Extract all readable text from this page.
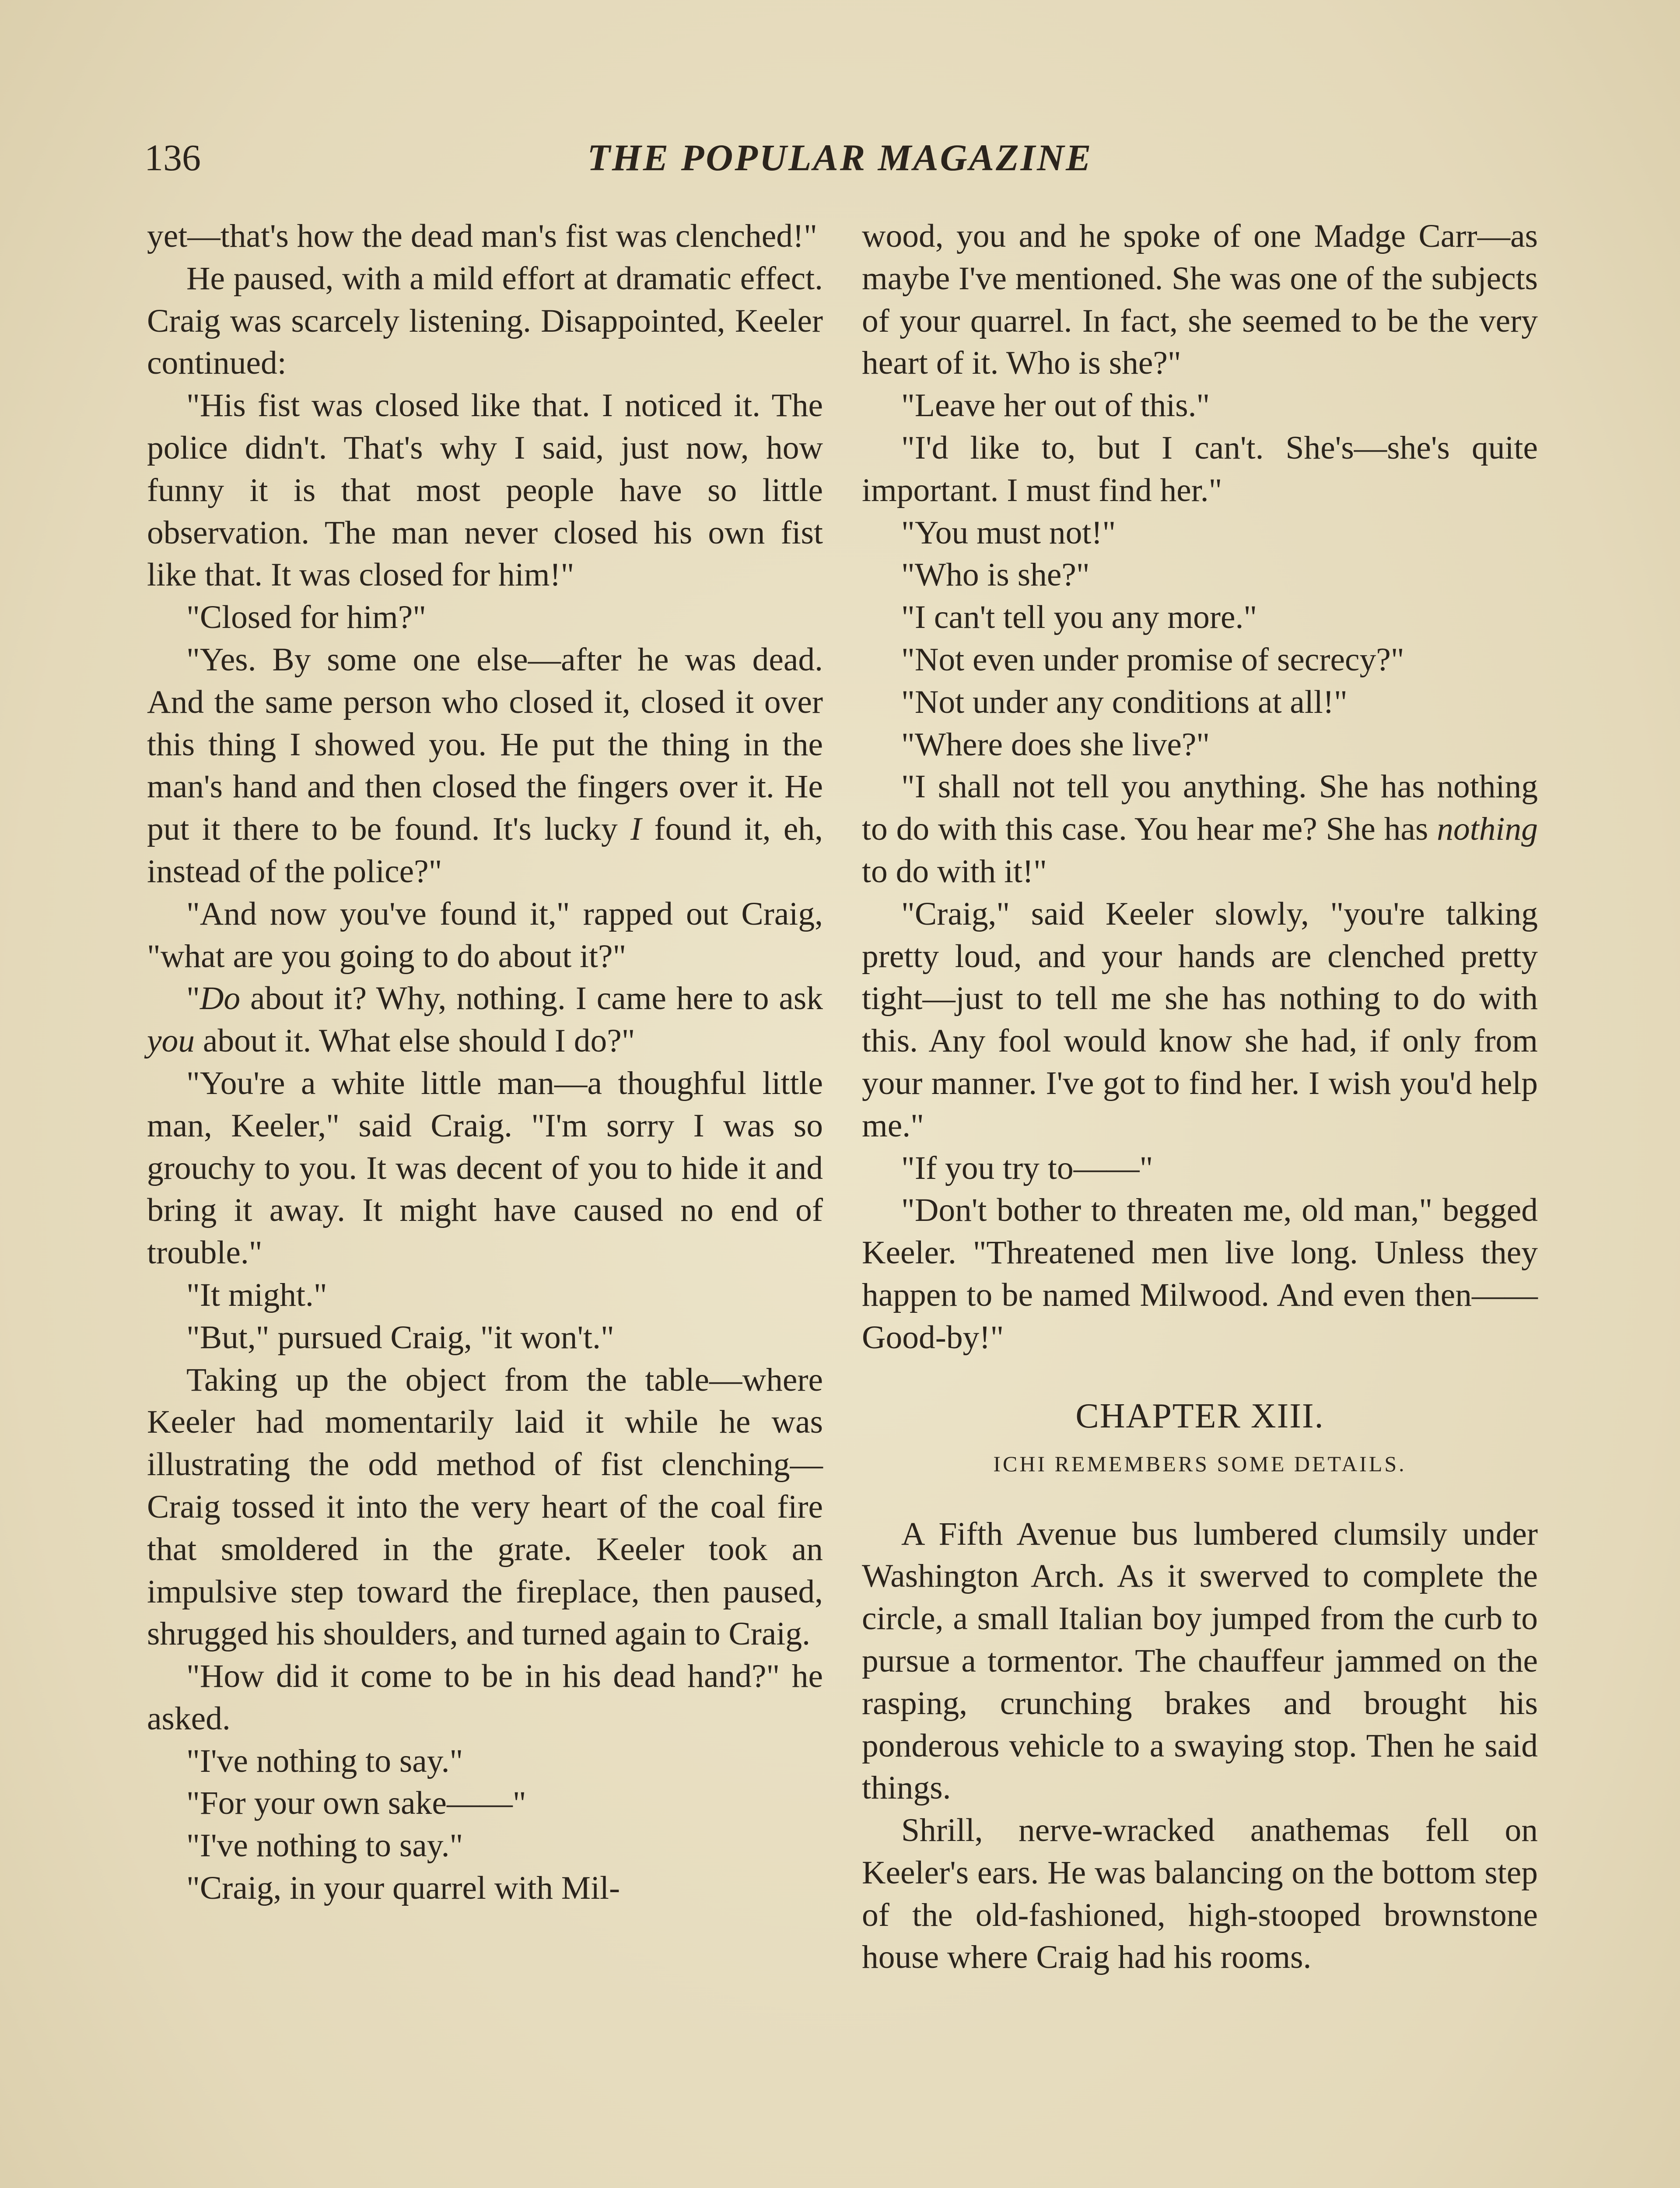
136	THE POPULAR MAGAZINE

yet—that's how the dead man's fist was clenched!"

He paused, with a mild effort at dramatic effect. Craig was scarcely listening. Disappointed, Keeler continued:

"His fist was closed like that. I noticed it. The police didn't. That's why I said, just now, how funny it is that most people have so little observation. The man never closed his own fist like that. It was closed for him!"

"Closed for him?"

"Yes. By some one else—after he was dead. And the same person who closed it, closed it over this thing I showed you. He put the thing in the man's hand and then closed the fingers over it. He put it there to be found. It's lucky I found it, eh, instead of the police?"

"And now you've found it," rapped out Craig, "what are you going to do about it?"

"Do about it? Why, nothing. I came here to ask you about it. What else should I do?"

"You're a white little man—a thoughful little man, Keeler," said Craig. "I'm sorry I was so grouchy to you. It was decent of you to hide it and bring it away. It might have caused no end of trouble."

"It might."

"But," pursued Craig, "it won't."

Taking up the object from the table—where Keeler had momentarily laid it while he was illustrating the odd method of fist clenching—Craig tossed it into the very heart of the coal fire that smoldered in the grate. Keeler took an impulsive step toward the fireplace, then paused, shrugged his shoulders, and turned again to Craig.

"How did it come to be in his dead hand?" he asked.

"I've nothing to say."

"For your own sake——"

"I've nothing to say."

"Craig, in your quarrel with Mil-

wood, you and he spoke of one Madge Carr—as maybe I've mentioned. She was one of the subjects of your quarrel. In fact, she seemed to be the very heart of it. Who is she?"

"Leave her out of this."

"I'd like to, but I can't. She's—she's quite important. I must find her."

"You must not!"

"Who is she?"

"I can't tell you any more."

"Not even under promise of secrecy?"

"Not under any conditions at all!"

"Where does she live?"

"I shall not tell you anything. She has nothing to do with this case. You hear me? She has nothing to do with it!"

"Craig," said Keeler slowly, "you're talking pretty loud, and your hands are clenched pretty tight—just to tell me she has nothing to do with this. Any fool would know she had, if only from your manner. I've got to find her. I wish you'd help me."

"If you try to——"

"Don't bother to threaten me, old man," begged Keeler. "Threatened men live long. Unless they happen to be named Milwood. And even then——Good-by!"

CHAPTER XIII.
ICHI REMEMBERS SOME DETAILS.

A Fifth Avenue bus lumbered clumsily under Washington Arch. As it swerved to complete the circle, a small Italian boy jumped from the curb to pursue a tormentor. The chauffeur jammed on the rasping, crunching brakes and brought his ponderous vehicle to a swaying stop. Then he said things.

Shrill, nerve-wracked anathemas fell on Keeler's ears. He was balancing on the bottom step of the old-fashioned, high-stooped brownstone house where Craig had his rooms.
